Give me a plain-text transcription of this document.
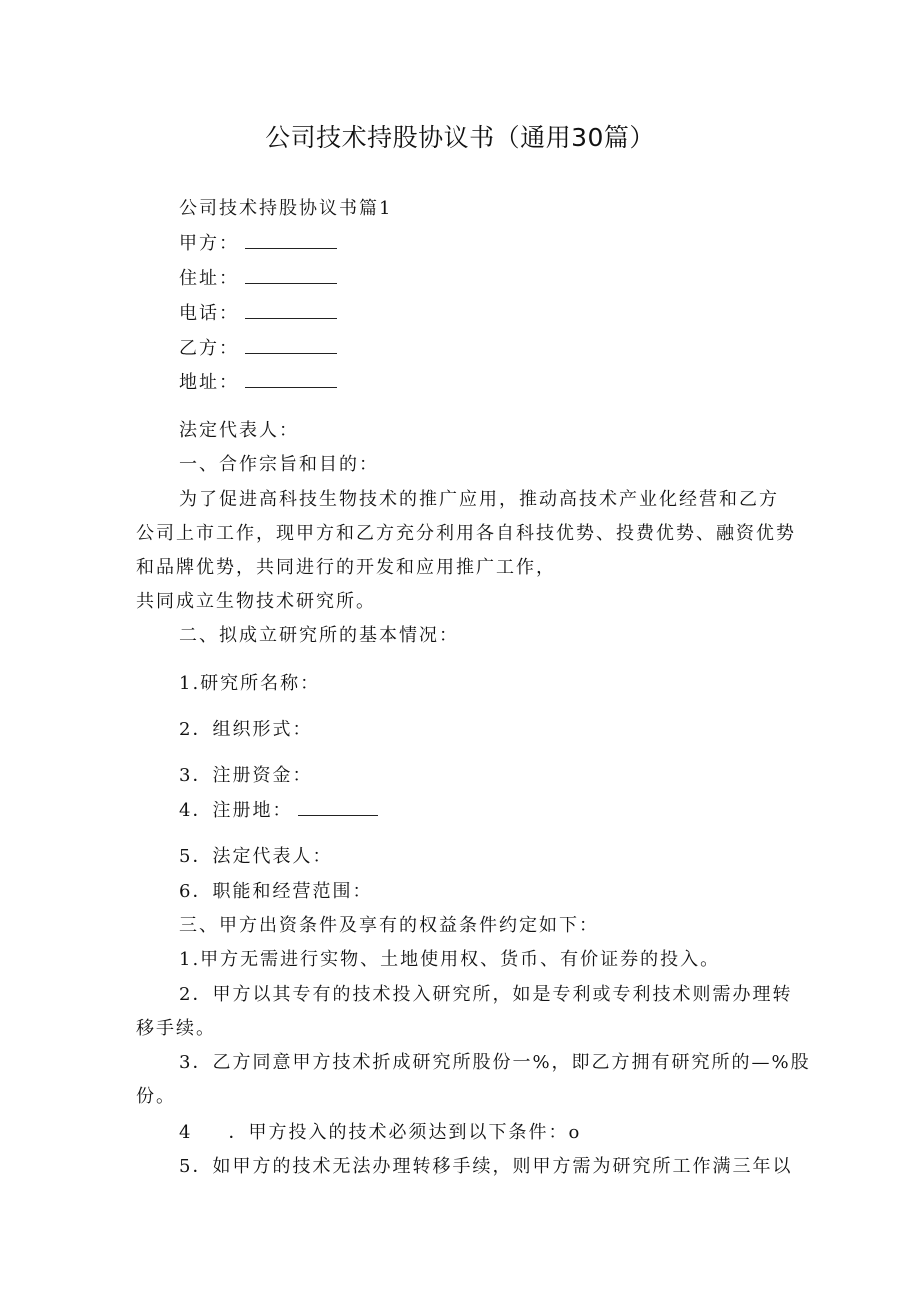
公司技术持股协议书（通用30篇）
公司技术持股协议书篇1
甲方：
住址：
电话：
乙方：
地址：
法定代表人：
一、合作宗旨和目的：
为了促进高科技生物技术的推广应用，推动高技术产业化经营和乙方
公司上市工作，现甲方和乙方充分利用各自科技优势、投费优势、融资优势
和品牌优势，共同进行的开发和应用推广工作，
共同成立生物技术研究所。
二、拟成立研究所的基本情况：
1.研究所名称：
2．组织形式：
3．注册资金：
4．注册地：
5．法定代表人：
6．职能和经营范围：
三、甲方出资条件及享有的权益条件约定如下：
1.甲方无需进行实物、土地使用权、货币、有价证券的投入。
2．甲方以其专有的技术投入研究所，如是专利或专利技术则需办理转
移手续。
3．乙方同意甲方技术折成研究所股份一%，即乙方拥有研究所的—%股
份。
4 ．甲方投入的技术必须达到以下条件：o
5．如甲方的技术无法办理转移手续，则甲方需为研究所工作满三年以
